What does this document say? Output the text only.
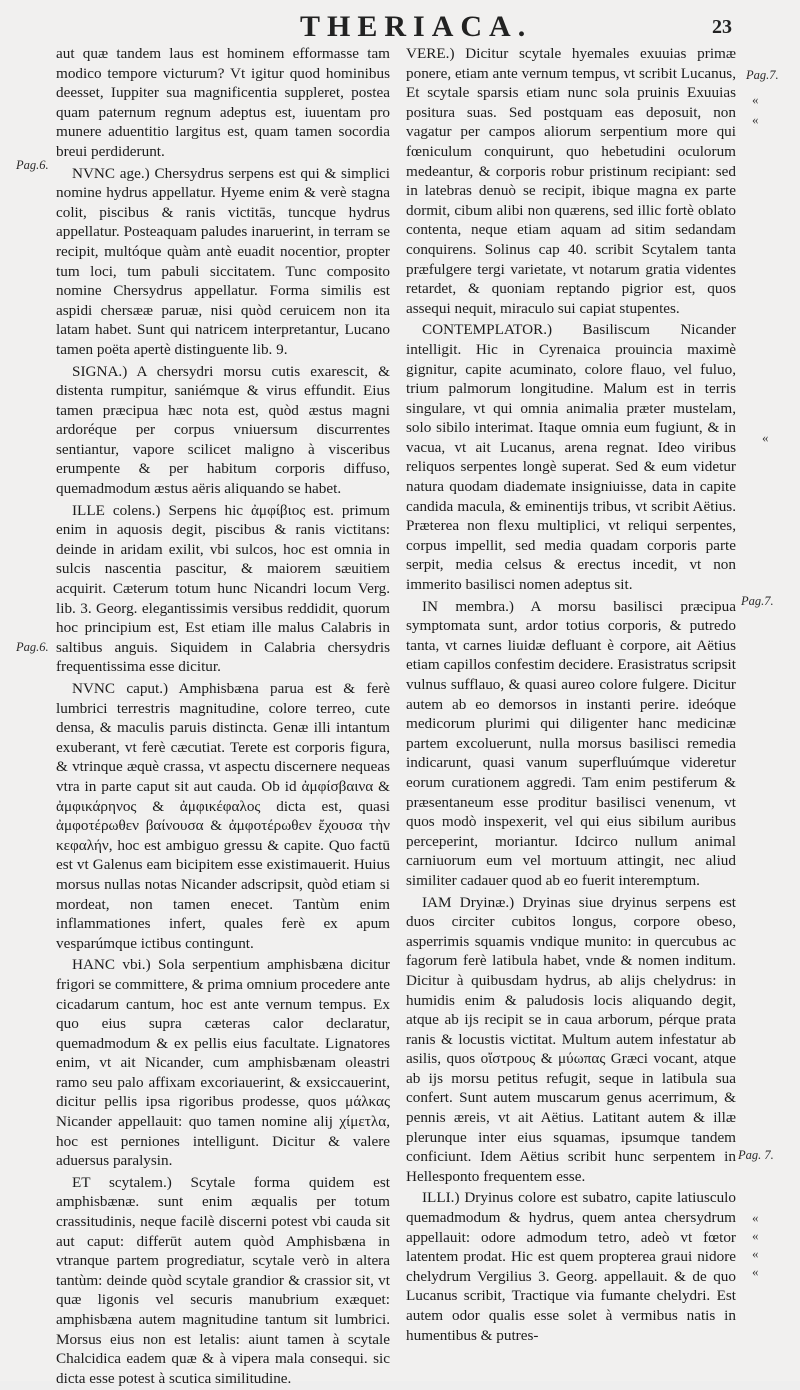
THERIACA.	23
Pag.6.
Pag.6.
Pag.7.
Pag.7.
Pag. 7.
«
«
«
«
«
«
«

aut quæ tandem laus est hominem efformasse tam modico tempore victurum? Vt igitur quod hominibus deesset, Iuppiter sua magnificentia suppleret, postea quam paternum regnum adeptus est, iuuentam pro munere aduentitio largitus est, quam tamen socordia breui perdiderunt.

NVNC age.) Chersydrus serpens est qui & simplici nomine hydrus appellatur. Hyeme enim & verè stagna colit, piscibus & ranis victitās, tuncque hydrus appellatur. Posteaquam paludes inaruerint, in terram se recipit, multóque quàm antè euadit nocentior, propter tum loci, tum pabuli siccitatem. Tunc composito nomine Chersydrus appellatur. Forma similis est aspidi chersææ paruæ, nisi quòd ceruicem non ita latam habet. Sunt qui natricem interpretantur, Lucano tamen poëta apertè distinguente lib. 9.

SIGNA.) A chersydri morsu cutis exarescit, & distenta rumpitur, saniémque & virus effundit. Eius tamen præcipua hæc nota est, quòd æstus magni ardoréque per corpus vniuersum discurrentes sentiantur, vapore scilicet maligno à visceribus erumpente & per habitum corporis diffuso, quemadmodum æstus aëris aliquando se habet.

ILLE colens.) Serpens hic ἀμφίβιος est. primum enim in aquosis degit, piscibus & ranis victitans: deinde in aridam exilit, vbi sulcos, hoc est omnia in sulcis nascentia pascitur, & maiorem sæuitiem acquirit. Cæterum totum hunc Nicandri locum Verg. lib. 3. Georg. elegantissimis versibus reddidit, quorum hoc principium est, Est etiam ille malus Calabris in saltibus anguis. Siquidem in Calabria chersydris frequentissima esse dicitur.

NVNC caput.) Amphisbæna parua est & ferè lumbrici terrestris magnitudine, colore terreo, cute densa, & maculis paruis distincta. Genæ illi intantum exuberant, vt ferè cæcutiat. Terete est corporis figura, & vtrinque æquè crassa, vt aspectu discernere nequeas vtra in parte caput sit aut cauda. Ob id ἀμφίσβαινα & ἀμφικάρηνος & ἀμφικέφαλος dicta est, quasi ἀμφοτέρωθεν βαίνουσα & ἀμφοτέρωθεν ἔχουσα τὴν κεφαλήν, hoc est ambiguo gressu & capite. Quo factū est vt Galenus eam bicipitem esse existimauerit. Huius morsus nullas notas Nicander adscripsit, quòd etiam si mordeat, non tamen enecet. Tantùm enim inflammationes infert, quales ferè ex apum vesparúmque ictibus contingunt.

HANC vbi.) Sola serpentium amphisbæna dicitur frigori se committere, & prima omnium procedere ante cicadarum cantum, hoc est ante vernum tempus. Ex quo eius supra cæteras calor declaratur, quemadmodum & ex pellis eius facultate. Lignatores enim, vt ait Nicander, cum amphisbænam oleastri ramo seu palo affixam excoriauerint, & exsiccauerint, dicitur pellis ipsa rigoribus prodesse, quos μάλκας Nicander appellauit: quo tamen nomine alij χίμετλα, hoc est perniones intelligunt. Dicitur & valere aduersus paralysin.

ET scytalem.) Scytale forma quidem est amphisbænæ. sunt enim æqualis per totum crassitudinis, neque facilè discerni potest vbi cauda sit aut caput: differūt autem quòd Amphisbæna in vtranque partem progrediatur, scytale verò in altera tantùm: deinde quòd scytale grandior & crassior sit, vt quæ ligonis vel securis manubrium exæquet: amphisbæna autem magnitudine tantum sit lumbrici. Morsus eius non est letalis: aiunt tamen à scytale Chalcidica eadem quæ & à vipera mala consequi. sic dicta esse potest à scutica similitudine.

VERE.) Dicitur scytale hyemales exuuias primæ ponere, etiam ante vernum tempus, vt scribit Lucanus, Et scytale sparsis etiam nunc sola pruinis Exuuias positura suas. Sed postquam eas deposuit, non vagatur per campos aliorum serpentium more qui fœniculum conquirunt, quo hebetudini oculorum medeantur, & corporis robur pristinum recipiant: sed in latebras denuò se recipit, ibique magna ex parte dormit, cibum alibi non quærens, sed illic fortè oblato contenta, neque etiam aquam ad sitim sedandam conquirens. Solinus cap 40. scribit Scytalem tanta præfulgere tergi varietate, vt notarum gratia videntes retardet, & quoniam reptando pigrior est, quos assequi nequit, miraculo sui capiat stupentes.

CONTEMPLATOR.) Basiliscum Nicander intelligit. Hic in Cyrenaica prouincia maximè gignitur, capite acuminato, colore flauo, vel fuluo, trium palmorum longitudine. Malum est in terris singulare, vt qui omnia animalia præter mustelam, solo sibilo interimat. Itaque omnia eum fugiunt, & in vacua, vt ait Lucanus, arena regnat. Ideo viribus reliquos serpentes longè superat. Sed & eum videtur natura quodam diademate insigniuisse, data in capite candida macula, & eminentijs tribus, vt scribit Aëtius. Præterea non flexu multiplici, vt reliqui serpentes, corpus impellit, sed media quadam corporis parte serpit, media celsus & erectus incedit, vt non immerito basilisci nomen adeptus sit.

IN membra.) A morsu basilisci præcipua symptomata sunt, ardor totius corporis, & putredo tanta, vt carnes liuidæ defluant è corpore, ait Aëtius etiam capillos confestim decidere. Erasistratus scripsit vulnus sufflauo, & quasi aureo colore fulgere. Dicitur autem ab eo demorsos in instanti perire. ideóque medicorum plurimi qui diligenter hanc medicinæ partem excoluerunt, nulla morsus basilisci remedia indicarunt, quasi vanum superfluúmque videretur eorum curationem aggredi. Tam enim pestiferum & præsentaneum esse proditur basilisci venenum, vt quos modò inspexerit, vel qui eius sibilum auribus perceperint, moriantur. Idcirco nullum animal carniuorum eum vel mortuum attingit, nec aliud similiter cadauer quod ab eo fuerit interemptum.

IAM Dryinæ.) Dryinas siue dryinus serpens est duos circiter cubitos longus, corpore obeso, asperrimis squamis vndique munito: in quercubus ac fagorum ferè latibula habet, vnde & nomen inditum. Dicitur à quibusdam hydrus, ab alijs chelydrus: in humidis enim & paludosis locis aliquando degit, atque ab ijs recipit se in caua arborum, pérque prata ranis & locustis victitat. Multum autem infestatur ab asilis, quos οἴστρους & μύωπας Græci vocant, atque ab ijs morsu petitus refugit, seque in latibula sua confert. Sunt autem muscarum genus acerrimum, & pennis æreis, vt ait Aëtius. Latitant autem & illæ plerunque inter eius squamas, ipsumque tandem conficiunt. Idem Aëtius scribit hunc serpentem in Hellesponto frequentem esse.

ILLI.) Dryinus colore est subatro, capite latiusculo quemadmodum & hydrus, quem antea chersydrum appellauit: odore admodum tetro, adeò vt fœtor latentem prodat. Hic est quem propterea graui nidore chelydrum Vergilius 3. Georg. appellauit. & de quo Lucanus scribit, Tractique via fumante chelydri. Est autem odor qualis esse solet à vermibus natis in humentibus & putres-
